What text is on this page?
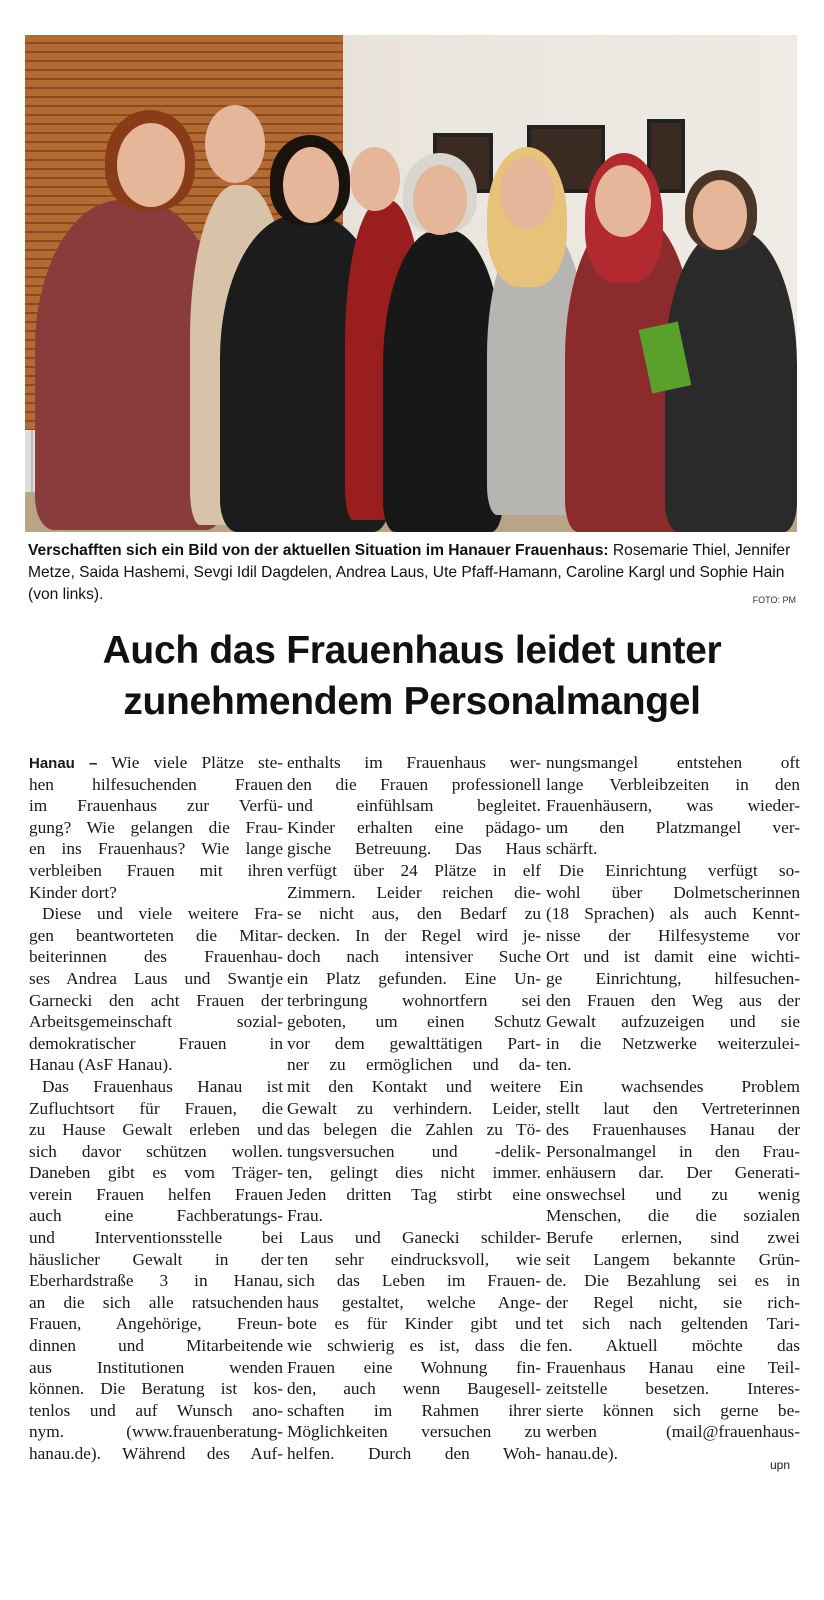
Verschafften sich ein Bild von der aktuellen Situation im Hanauer Frauenhaus: Rosemarie Thiel, Jennifer Metze, Saida Hashemi, Sevgi Idil Dagdelen, Andrea Laus, Ute Pfaff-Hamann, Caroline Kargl und Sophie Hain (von links).	FOTO: PM
Auch das Frauenhaus leidet unter zunehmendem Personalmangel
Hanau – Wie viele Plätze ste-
hen hilfesuchenden Frauen
im Frauenhaus zur Verfü-
gung? Wie gelangen die Frau-
en ins Frauenhaus? Wie lange
verbleiben Frauen mit ihren
Kinder dort?
Diese und viele weitere Fra-
gen beantworteten die Mitar-
beiterinnen des Frauenhau-
ses Andrea Laus und Swantje
Garnecki den acht Frauen der
Arbeitsgemeinschaft sozial-
demokratischer Frauen in
Hanau (AsF Hanau).
Das Frauenhaus Hanau ist
Zufluchtsort für Frauen, die
zu Hause Gewalt erleben und
sich davor schützen wollen.
Daneben gibt es vom Träger-
verein Frauen helfen Frauen
auch eine Fachberatungs-
und Interventionsstelle bei
häuslicher Gewalt in der
Eberhardstraße 3 in Hanau,
an die sich alle ratsuchenden
Frauen, Angehörige, Freun-
dinnen und Mitarbeitende
aus Institutionen wenden
können. Die Beratung ist kos-
tenlos und auf Wunsch ano-
nym. (www.frauenberatung-
hanau.de). Während des Auf-
enthalts im Frauenhaus wer-
den die Frauen professionell
und einfühlsam begleitet.
Kinder erhalten eine pädago-
gische Betreuung. Das Haus
verfügt über 24 Plätze in elf
Zimmern. Leider reichen die-
se nicht aus, den Bedarf zu
decken. In der Regel wird je-
doch nach intensiver Suche
ein Platz gefunden. Eine Un-
terbringung wohnortfern sei
geboten, um einen Schutz
vor dem gewalttätigen Part-
ner zu ermöglichen und da-
mit den Kontakt und weitere
Gewalt zu verhindern. Leider,
das belegen die Zahlen zu Tö-
tungsversuchen und -delik-
ten, gelingt dies nicht immer.
Jeden dritten Tag stirbt eine
Frau.
Laus und Ganecki schilder-
ten sehr eindrucksvoll, wie
sich das Leben im Frauen-
haus gestaltet, welche Ange-
bote es für Kinder gibt und
wie schwierig es ist, dass die
Frauen eine Wohnung fin-
den, auch wenn Baugesell-
schaften im Rahmen ihrer
Möglichkeiten versuchen zu
helfen. Durch den Woh-
nungsmangel entstehen oft
lange Verbleibzeiten in den
Frauenhäusern, was wieder-
um den Platzmangel ver-
schärft.
Die Einrichtung verfügt so-
wohl über Dolmetscherinnen
(18 Sprachen) als auch Kennt-
nisse der Hilfesysteme vor
Ort und ist damit eine wichti-
ge Einrichtung, hilfesuchen-
den Frauen den Weg aus der
Gewalt aufzuzeigen und sie
in die Netzwerke weiterzulei-
ten.
Ein wachsendes Problem
stellt laut den Vertreterinnen
des Frauenhauses Hanau der
Personalmangel in den Frau-
enhäusern dar. Der Generati-
onswechsel und zu wenig
Menschen, die die sozialen
Berufe erlernen, sind zwei
seit Langem bekannte Grün-
de. Die Bezahlung sei es in
der Regel nicht, sie rich-
tet sich nach geltenden Tari-
fen. Aktuell möchte das
Frauenhaus Hanau eine Teil-
zeitstelle besetzen. Interes-
sierte können sich gerne be-
werben (mail@frauenhaus-
hanau.de).
upn
